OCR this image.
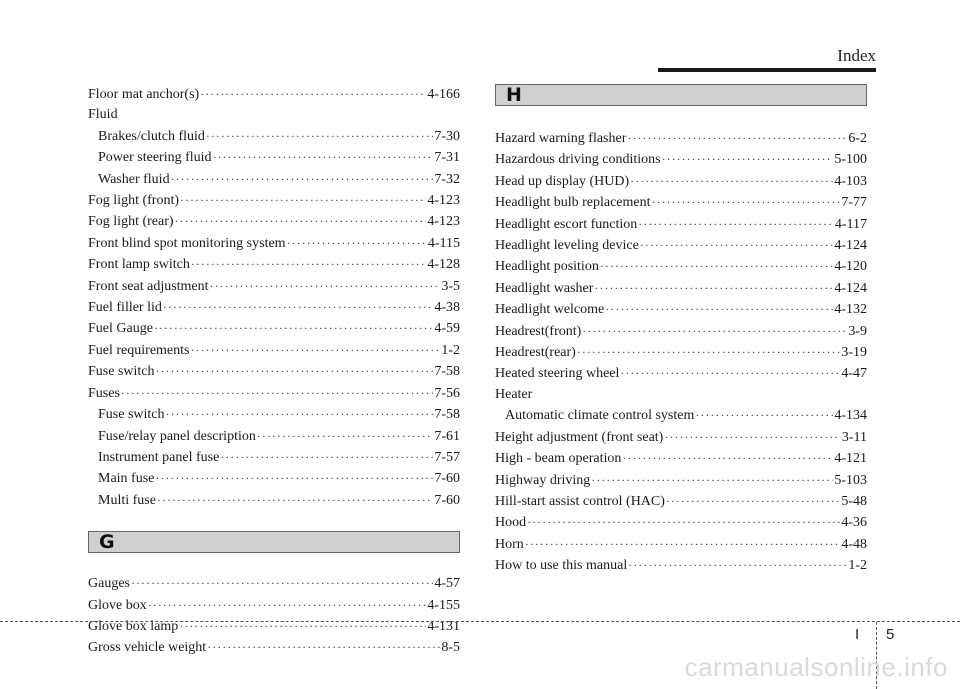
Index
Floor mat anchor(s) ·····	4-166
Fluid
Brakes/clutch fluid ·····	7-30
Power steering fluid ·····	7-31
Washer fluid ·····	7-32
Fog light (front) ·····	4-123
Fog light (rear) ·····	4-123
Front blind spot monitoring system ·····	4-115
Front lamp switch ·····	4-128
Front seat adjustment ·····	3-5
Fuel filler lid ·····	4-38
Fuel Gauge ·····	4-59
Fuel requirements ·····	1-2
Fuse switch ·····	7-58
Fuses ·····	7-56
Fuse switch ·····	7-58
Fuse/relay panel description ·····	7-61
Instrument panel fuse ·····	7-57
Main fuse ·····	7-60
Multi fuse ·····	7-60
G
Gauges ·····	4-57
Glove box ·····	4-155
Glove box lamp ·····	4-131
Gross vehicle weight ·····	8-5
H
Hazard warning flasher ·····	6-2
Hazardous driving conditions ·····	5-100
Head up display (HUD) ·····	4-103
Headlight bulb replacement ·····	7-77
Headlight escort function ·····	4-117
Headlight leveling device ·····	4-124
Headlight position ·····	4-120
Headlight washer ·····	4-124
Headlight welcome ·····	4-132
Headrest(front) ·····	3-9
Headrest(rear) ·····	3-19
Heated steering wheel ·····	4-47
Heater
Automatic climate control system ·····	4-134
Height adjustment (front seat) ·····	3-11
High - beam operation ·····	4-121
Highway driving ·····	5-103
Hill-start assist control (HAC) ·····	5-48
Hood ·····	4-36
Horn ·····	4-48
How to use this manual ·····	1-2
I 5
carmanualsonline.info
